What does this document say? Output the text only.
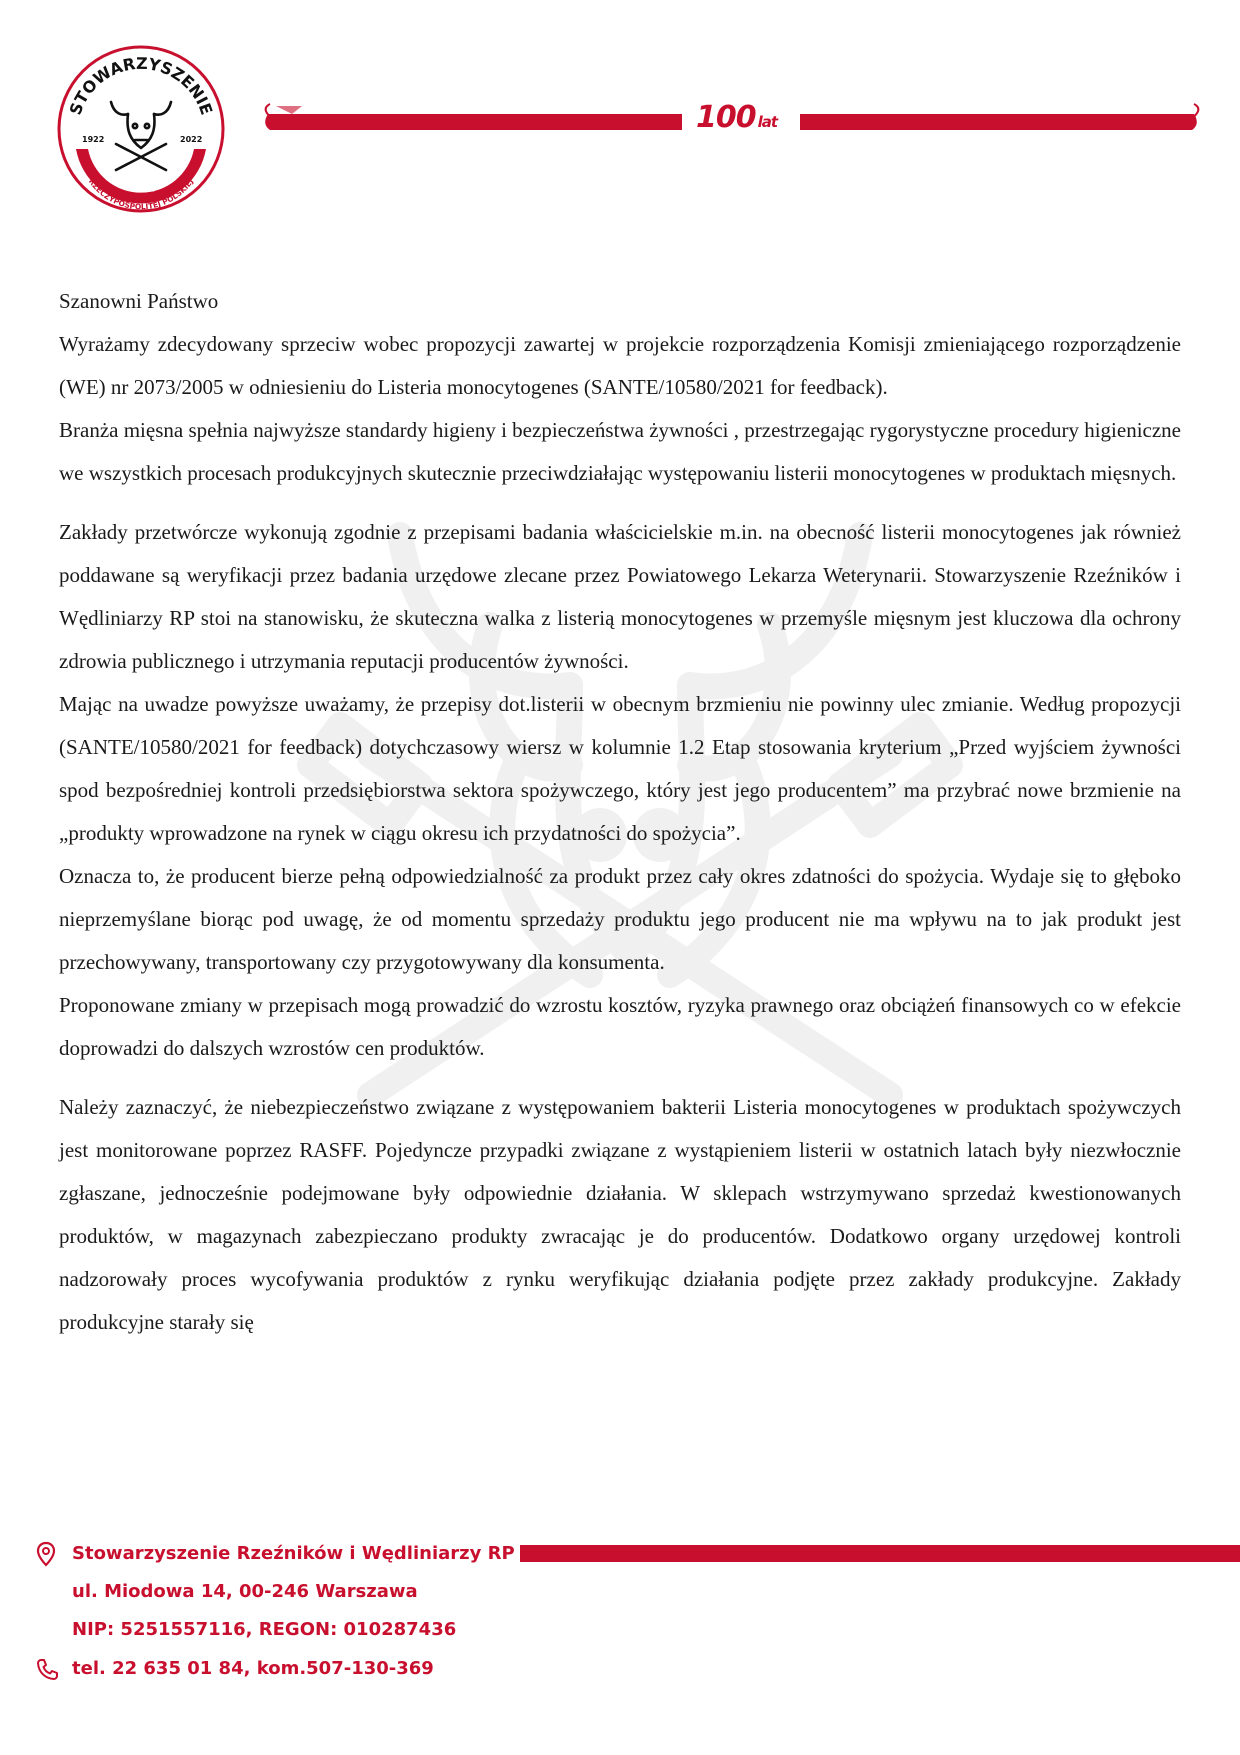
STOWARZYSZENIE
RZEŹNIKÓW I WĘDLINIARZY
RZECZYPOSPOLITEJ POLSKIEJ
1922	2022
100 lat

Szanowni Państwo

Wyrażamy zdecydowany sprzeciw wobec propozycji zawartej w projekcie rozporządzenia Komisji zmieniającego rozporządzenie (WE) nr 2073/2005 w odniesieniu do Listeria monocytogenes (SANTE/10580/2021 for feedback).

Branża mięsna spełnia najwyższe standardy higieny i bezpieczeństwa żywności , przestrzegając rygorystyczne procedury higieniczne we wszystkich procesach produkcyjnych skutecznie przeciwdziałając występowaniu listerii monocytogenes w produktach mięsnych.

Zakłady przetwórcze wykonują zgodnie z przepisami badania właścicielskie m.in. na obecność listerii monocytogenes jak również poddawane są weryfikacji przez badania urzędowe zlecane przez Powiatowego Lekarza Weterynarii. Stowarzyszenie Rzeźników i Wędliniarzy RP stoi na stanowisku, że skuteczna walka z listerią monocytogenes w przemyśle mięsnym jest kluczowa dla ochrony zdrowia publicznego i utrzymania reputacji producentów żywności.

Mając na uwadze powyższe uważamy, że przepisy dot.listerii w obecnym brzmieniu nie powinny ulec zmianie. Według propozycji (SANTE/10580/2021 for feedback) dotychczasowy wiersz w kolumnie 1.2 Etap stosowania kryterium „Przed wyjściem żywności spod bezpośredniej kontroli przedsiębiorstwa sektora spożywczego, który jest jego producentem” ma przybrać nowe brzmienie na „produkty wprowadzone na rynek w ciągu okresu ich przydatności do spożycia”.

Oznacza to, że producent bierze pełną odpowiedzialność za produkt przez cały okres zdatności do spożycia. Wydaje się to głęboko nieprzemyślane biorąc pod uwagę, że od momentu sprzedaży produktu jego producent nie ma wpływu na to jak produkt jest przechowywany, transportowany czy przygotowywany dla konsumenta.

Proponowane zmiany w przepisach mogą prowadzić do wzrostu kosztów, ryzyka prawnego oraz obciążeń finansowych co w efekcie doprowadzi do dalszych wzrostów cen produktów.

Należy zaznaczyć, że niebezpieczeństwo związane z występowaniem bakterii Listeria monocytogenes w produktach spożywczych jest monitorowane poprzez RASFF. Pojedyncze przypadki związane z wystąpieniem listerii w ostatnich latach były niezwłocznie zgłaszane, jednocześnie podejmowane były odpowiednie działania. W sklepach wstrzymywano sprzedaż kwestionowanych produktów, w magazynach zabezpieczano produkty zwracając je do producentów. Dodatkowo organy urzędowej kontroli nadzorowały proces wycofywania produktów z rynku weryfikując działania podjęte przez zakłady produkcyjne. Zakłady produkcyjne starały się

Stowarzyszenie Rzeźników i Wędliniarzy RP
ul. Miodowa 14, 00-246 Warszawa
NIP: 5251557116, REGON: 010287436
tel. 22 635 01 84, kom.507-130-369
